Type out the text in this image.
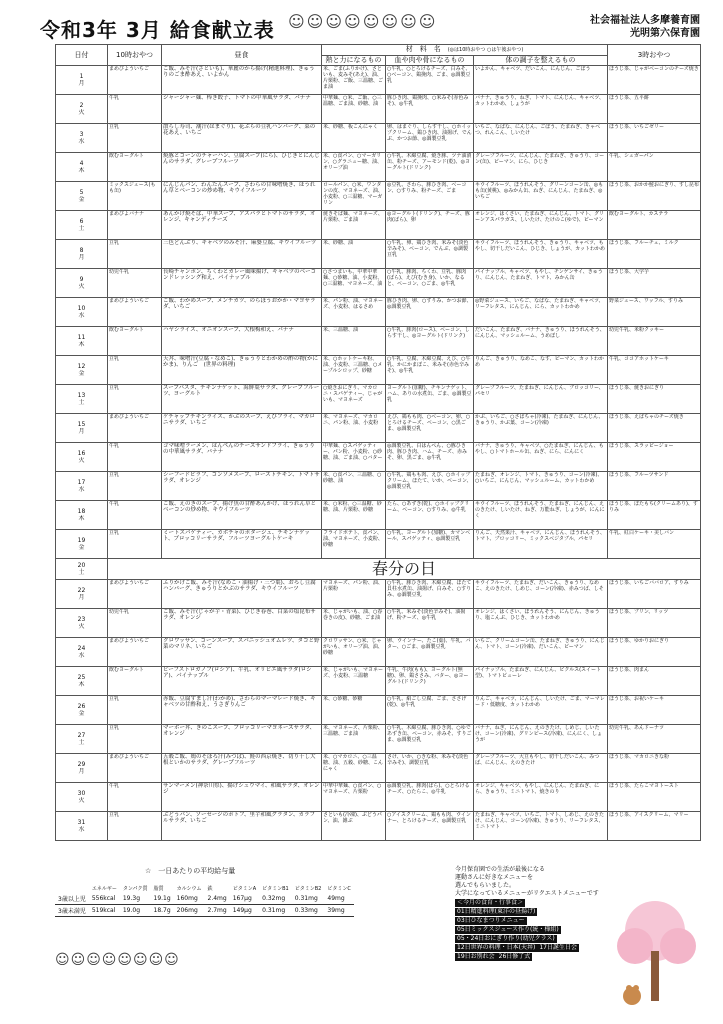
令和3年 3月 給食献立表 ☺☺☺☺☺☺☺☺	社会福祉法人多摩養育園
光明第六保育園
日付	10時おやつ	昼食	材　料　名　 (◎は10時おやつ ○は午後おやつ)			3時おやつ
			熱と力になるもの	血や肉や骨になるもの	体の調子を整えるもの	

1
月	まめびよういちご	ご飯、みそ汁(さといも)、華麗のから揚げ(精進料理)、きゅうりのごま酢あえ、いよかん	米、ごま(ふりかけ)、さといも、麦みそ(あえ)、油、片栗粉、ご飯、三温糖、ごま油	○牛乳、○とろけるチーズ、白みそ、○ベーコン、鶏挽肉、ごま、◎調製豆乳	いよかん、キャベツ、だいこん、にんじん、ごぼう	ほうじ茶、じゃがベーコンのチーズ焼き

2
火	牛乳	ジャージャー麺、棒き餃子、トマトの中華風サラダ、バナナ	中華麺、○米、ご飯、○三温糖、ごま油、砂糖、油	豚ひき肉、鶏挽肉、○米みそ(赤色みそ)、◎牛乳	バナナ、きゅうり、ねぎ、トマト、にんじん、キャベツ、カットわかめ、しょうが	ほうじ茶、五平餅

3
水	豆乳	散らし寿司、潮汁(はまぐり)、花ぷらの豆乳ハンバーグ、菜の花あえ、いちご	米、砂糖、板こんにゃく	卵、はまぐり、しらす干し、○ホイップクリーム、鶏ひき肉、油揚げ、でんぶ、かつお節、◎調製豆乳	いちご、なばな、にんじん、ごぼう、たまねぎ、きゃべつ、れんこん、しいたけ	ほうじ茶、いちごゼリー

4
木	飲むヨーグルト	焼豚とコーンのチャーハン、豆腐スープ(にら)、ひじきとにんじんのサラダ、グレープフルーツ	米、○食パン、○マーガリン、○グラニュー糖、油、オリーブ油	○牛乳、木綿豆腐、焼き豚、ツナ油漬缶、粉チーズ、アーモンド(乾)、◎ヨーグルト(ドリンク)	グレープフルーツ、にんじん、たまねぎ、きゅうり、コーン(缶)、ピーマン、にら、ひじき	牛乳、シュガーパン

5
金	ミックスジュース(もも缶)	にんじんパン、わんたんスープ、さわらの甘味噌焼き、ほうれん草とベーコンの炒め物、キウイフルーツ	ロールパン、○米、ワンタンの皮、マヨネーズ、油、小麦粉、○三温糖、マーガリン	◎豆乳、さわら、豚ひき肉、ベーコン、○すりみ、粉チーズ、ごま	キウイフルーツ、ほうれんそう、グリーンコーン缶、◎もも缶(黄桃)、◎みかん缶、ねぎ、にんじん、たまねぎ、◎いちご	ほうじ茶、おかか鮭おにぎり、すし昆布

6
土	まめびよバナナ	あんかけ焼そば、中華スープ、アスパラとトマトのサラダ、オレンジ、キャンディチーズ	焼きそば麺、マヨネーズ、片栗粉、ごま油	◎ヨーグルト(ドリンク)、チーズ、豚肉(ばら)、卵	オレンジ、はくさい、たまねぎ、にんじん、トマト、グリーンアスパラガス、しいたけ、たけのこ(ゆで)、ピーマン	飲むヨーグルト、カステラ

8
月	豆乳	三色どんぶり、キャベツのみそ汁、麻婆豆腐、キウイフルーツ	米、砂糖、油	○牛乳、卵、鶏ひき肉、米みそ(淡色辛みそ)、ベーコン、でんぶ、◎調製豆乳	キウイフルーツ、ほうれんそう、きゅうり、キャベツ、もやし、切干しだいこん、ひじき、しょうが、カットわかめ	ほうじ茶、フルーチェ、ミルク

9
火	幼児牛乳	長崎チャンポン、ちくわとカレー風味揚げ、キャベツのベーコンドレッシング和え、パイナップル	○さつまいも、中華中華麺、○砂糖、油、小麦粉、○三温糖、マヨネーズ、油	○牛乳、豚肉、ちくわ、豆乳、豚肉(ばら)、えび(むき身)、いか、なると、ベーコン、○ごま、◎牛乳	パイナップル、キャベツ、もやし、チンゲンサイ、きゅうり、にんじん、たまねぎ、トマト、みかん缶	ほうじ茶、大学芋

10
水	まめびよういちご	ご飯、わかめスープ、メンチカツ、のらぼうおかか・マヨサラダ、いちご	米、パン粉、油、マヨネーズ、小麦粉、はるさめ	豚ひき肉、卵、○すりみ、かつお節、◎調製豆乳	◎野菜ジュース、いちご、なばな、たまねぎ、キャベツ、リーフレタス、にんじん、にら、カットわかめ	野菜ジュース、ワッフル、すりみ

11
木	飲むヨーグルト	ハヤシライス、オニオンスープ、大根梅和え、バナナ	米、三温糖、油	○牛乳、豚肉(ロース)、ベーコン、しらす干し、◎ヨーグルト(ドリンク)	だいこん、たまねぎ、バナナ、きゅうり、ほうれんそう、にんじん、マッシュルーム、うめぼし	幼児牛乳、米粉クッキー

12
金	豆乳	天丼、味噌汁(豆腐・なめこ)、きゅうりとわかめの酢の物(かにかま)、りんご　(世界の料理)	米、○ホットケーキ粉、油、小麦粉、三温糖、○メープルシロップ、砂糖	○牛乳、豆腐、木綿豆腐、えび、○牛乳、かにかまぼこ、米みそ(赤色辛みそ)、◎牛乳	りんご、きゅうり、なめこ、なす、ピーマン、カットわかめ	牛乳、ココアホットケーキ

13
土	豆乳	スープパスタ、チキンナゲット、海鮮葉サラダ、グレープフルーツ、ヨーグルト	○焼きおにぎり、マカロニ・スパゲティー、じゃがいも、マヨネーズ	ヨーグルト(加糖)、チキンナゲット、ハム、ありの水煮缶、ごま、◎調製豆乳	グレープフルーツ、たまねぎ、にんじん、ブロッコリー、パセリ	ほうじ茶、焼きおにぎり

15
月	まめびよういちご	ケチャップチキンライス、かぶのスープ、えびフライ、マカロニサラダ、いちご	米、マヨネーズ、マカロニ、パン粉、油、小麦粉	えび、鶏もも肉、○ベーコン、卵、○とろけるチーズ、ベーコン、○黒ごま、◎調製豆乳	かぶ、いちご、○さばちゃ(冷凍)、たまねぎ、にんじん、きゅうり、かぶ葉、コーン(冷凍)	ほうじ茶、えばちゃのチーズ焼き

16
火	牛乳	ゴマ味噌ラーメン、はんぺんのチーズサンドフライ、きゅうりの中華風サラダ、バナナ	中華麺、○スパゲッティー、パン粉、小麦粉、○砂糖、油、ごま油、○バター	◎調製豆乳、白はんぺん、○豚ひき肉、豚ひき肉、ハム、チーズ、赤みそ、卵、黒ごま、◎牛乳	バナナ、きゅうり、キャベツ、○たまねぎ、にんじん、もやし、○トマトホール缶、ねぎ、にら、にんにく	ほうじ茶、スラッピージョー

17
水	豆乳	シーフードピラフ、コンソメスープ、ローストチキン、トマトサラダ、オレンジ	米、○食パン、三温糖、○砂糖、油	○牛乳、鶏もも肉、えび、○ホイップクリーム、ほたて、いか、ベーコン、◎調製豆乳	たまねぎ、オレンジ、トマト、きゅうり、コーン(冷凍)、○いちご、にんじん、マッシュルーム、カットわかめ	ほうじ茶、フルーツサンド

18
木	牛乳	ご飯、えのきのスープ、揚げ魚の甘酢あんかけ、ほうれん草とベーコンの炒め物、キウイフルーツ	米、○米粉、○三温糖、砂糖、油、片栗粉、砂糖	たら、○あずき(乾)、○ホイップクリーム、ベーコン、○すりみ、◎牛乳	キウイフルーツ、ほうれんそう、たまねぎ、にんじん、えのきたけ、しいたけ、ねぎ、万能ねぎ、しょうが、にんにく	ほうじ茶、ぼたもち(クリームあり)、すりみ

19
金	豆乳	ミートスパゲティー、カボチャのポタージュ、チキンナゲット、ブロッコリーサラダ、フルーツヨーグルトケーキ	フライドポテト、食パン、油、マヨネーズ、小麦粉、砂糖	○牛乳、ヨーグルト(加糖)、カマンベール、スパゲッティ、◎調製豆乳	りんご、天然果汁、キャベツ、にんじん、ほうれんそう、トマト、ブロッコリー、ミックスベジタブル、パセリ	牛乳、紅白ケーキ・美しバン

20
土	春分の日					

22
月	まめびよういちご	ふりかけご飯、みそ汁(なめこ・油揚げ・三つ葉)、おろし豆腐ハンバーグ、きゅうりとかぶのサラダ、キウイフルーツ	マヨネーズ、パン粉、油、片栗粉	○牛乳、豚ひき肉、木綿豆腐、ほたて貝柱水煮缶、油揚げ、白みそ、○すりみ、◎調製豆乳	キウイフルーツ、たまねぎ、だいこん、きゅうり、なめこ、えのきたけ、しめじ、コーン(冷凍)、赤みつば、しそ	ほうじ茶、いちごババロア、すりみ

23
火	幼児牛乳	ご飯、みそ汁(じゃが芋・青菜)、ひじき春巻、白菜の塩昆布サラダ、オレンジ	米、じゃがいも、油、○春巻きの皮)、砂糖、ごま油	○牛乳、米みそ(淡色辛みそ)、油揚げ、粉チーズ、◎牛乳	オレンジ、はくさい、ほうれんそう、にんじん、きゅうり、塩こんぶ、ひじき、カットわかめ	ほうじ茶、プリン、リッツ

24
水	まめびよういちご	クロワッサン、コーンスープ、スパニッシュオムレツ、タコと野菜のマリネ、いちご	クロワッサン、○米、じゃがいも、オリーブ油、油、砂糖	卵、ウインナー、たこ(茹)、牛乳、バター、○ごま、◎調製豆乳	いちご、クリームコーン缶、たまねぎ、きゅうり、にんじん、トマト、コーン(冷凍)、だいこん、ピーマン	ほうじ茶、ゆかりおにぎり

25
木	飲むヨーグルト	ビーフストロガノフ(ロシア)、牛乳、オリビエ風サラダ(ロシア)、パイナップル	米、じゃがいも、マヨネーズ、小麦粉、三温糖	牛乳、牛肉(もも)、ヨーグルト(無糖)、卵、鶏ささみ、バター、◎ヨーグルト(ドリンク)	パイナップル、たまねぎ、にんじん、ピクルス(スイート型)、トマトピューレ	ほうじ茶、肉まん

26
金	豆乳	赤飯、豆腐すまし汁(わかめ)、さわらのマーマレード焼き、キャベツの甘酢和え、うさぎりんご	米、○砂糖、砂糖	○牛乳、絹ごし豆腐、ごま、ささげ(乾)、◎牛乳	りんご、キャベツ、にんじん、しいたけ、ごま、マーマレード・低糖度、カットわかめ	ほうじ茶、お祝いケーキ

27
土	豆乳	マーボー丼、きのこスープ、ブロッコリーマヨネーズサラダ、オレンジ	米、マヨネーズ、片栗粉、三温糖、ごま油	○牛乳、木綿豆腐、豚ひき肉、○ゆであずき缶、ベーコン、赤みそ、すりごま、◎調製豆乳	バナナ、ねぎ、にんじん、えのきたけ、しめじ、しいたけ、コーン(冷凍)、グリンピース(冷凍)、にんにく、しょうが	幼児牛乳、あんドーナツ

29
月	まめびよういちご	五穀ご飯、鶏のそぼろ汁(みつば)、鮭の西京焼き、切り干し大根といかのサラダ、グレープフルーツ	米、○マカロニ、○三温糖、油、五穀、砂糖、こんにゃく	さけ、いか、○きな粉、米みそ(淡色辛みそ)、調製豆乳	グレープフルーツ、大豆もやし、切干しだいこん、みつば、にんじん、えのきたけ	ほうじ茶、マカロニきな粉

30
火	牛乳	サンマーメン(神奈川県)、揚げシュウマイ、和風サラダ、オレンジ	中華中華麺、○食パン、○マヨネーズ、片栗粉	◎調製豆乳、豚肉(ばら)、○とろけるチーズ、○たらこ、◎牛乳	オレンジ、キャベツ、もやし、にんじん、たまねぎ、にら、きゅうり、ミニトマト、焼きのり	ほうじ茶、たらこマヨトースト

31
水	豆乳	ぶどうパン、ソーセージのポトフ、里芋和風グラタン、カラフルサラダ、いちご	さといも(冷凍)、ぶどうパン、油、雑ぷ	○アイスクリーム、鶏もも肉、ウインナー、とろけるチーズ、◎調製豆乳	たまねぎ、キャベツ、いちご、トマト、しめじ、えのきたけ、にんじん、コーン(冷凍)、きゅうり、リーフレタス、ミニトマト	ほうじ茶、アイスクリーム、マリー
☆　一日あたりの平均給与量
	エネルギー	タンパク質	脂質	カルシウム	鉄	ビタミンA	ビタミンB1	ビタミンB2	ビタミンC
3歳以上児	556kcal	19.3g	19.1g	160mg	2.4mg	167μg	0.32mg	0.31mg	49mg
3歳未満児	519kcal	19.0g	18.7g	206mg	2.7mg	149μg	0.31mg	0.33mg	39mg
☺☺☺☺☺☺☺☺
今月保育園での生活が最後になる
運動さんに好きなメニューを
選んでもらいました。
大学になっているメニューがリクエストメニューです
＜今月の食育・行事食＞01日精進料理(東洋の昼揚げ)03日ひなまつりメニュー05日ミックスジュース作り(統・樺組)05・24日おにぎり作り(幼児クラス)12日世界の料理・日本(天丼) 17日誕生日会19日お別れ会 26日修了式
